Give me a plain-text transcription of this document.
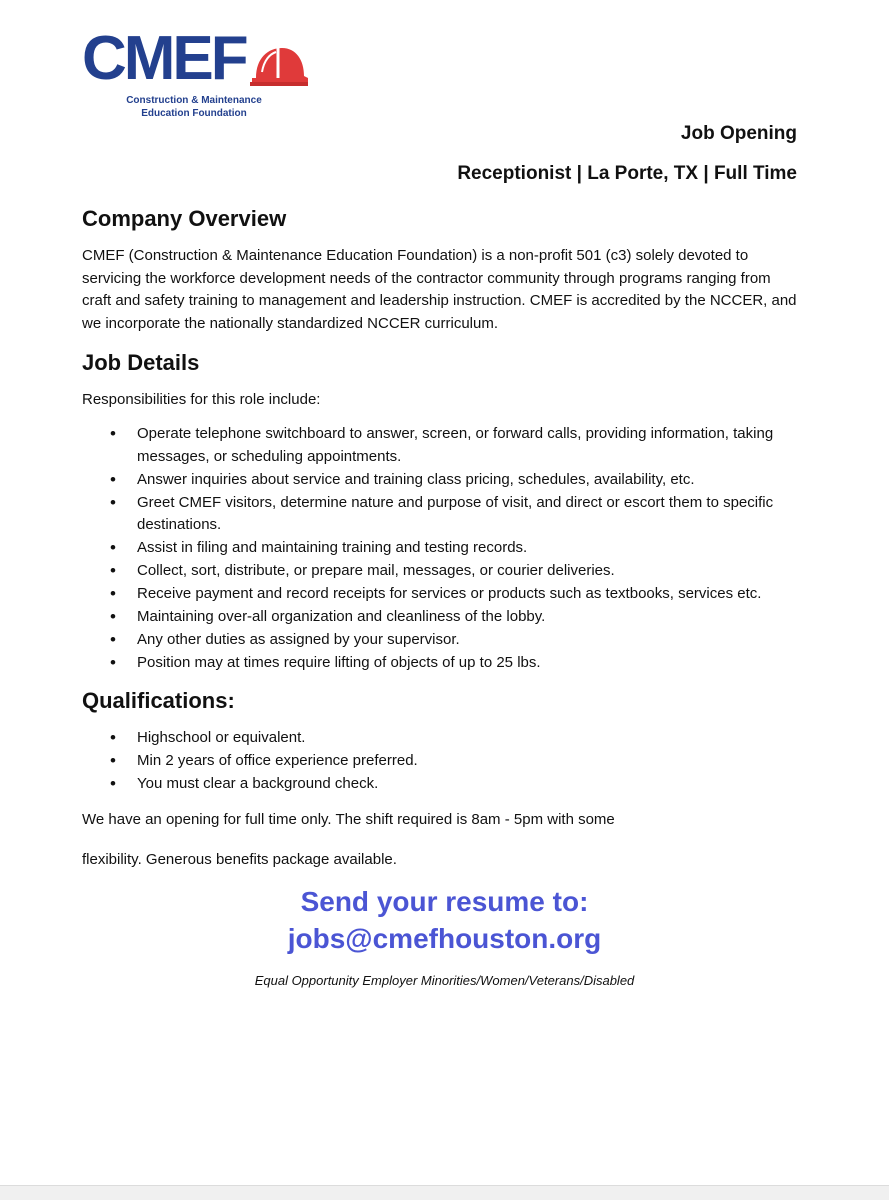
CMEF
Construction & Maintenance
Education Foundation
Job Opening
Receptionist | La Porte, TX | Full Time
Company Overview

CMEF (Construction & Maintenance Education Foundation) is a non-profit 501 (c3) solely devoted to servicing the workforce development needs of the contractor community through programs ranging from craft and safety training to management and leadership instruction. CMEF is accredited by the NCCER, and we incorporate the nationally standardized NCCER curriculum.

Job Details

Responsibilities for this role include:

• Operate telephone switchboard to answer, screen, or forward calls, providing information, taking messages, or scheduling appointments.
• Answer inquiries about service and training class pricing, schedules, availability, etc.
• Greet CMEF visitors, determine nature and purpose of visit, and direct or escort them to specific destinations.
• Assist in filing and maintaining training and testing records.
• Collect, sort, distribute, or prepare mail, messages, or courier deliveries.
• Receive payment and record receipts for services or products such as textbooks, services etc.
• Maintaining over-all organization and cleanliness of the lobby.
• Any other duties as assigned by your supervisor.
• Position may at times require lifting of objects of up to 25 lbs.
Qualifications:
• Highschool or equivalent.
• Min 2 years of office experience preferred.
• You must clear a background check.

We have an opening for full time only. The shift required is 8am - 5pm with some

flexibility. Generous benefits package available.

Send your resume to:
jobs@cmefhouston.org
Equal Opportunity Employer Minorities/Women/Veterans/Disabled
